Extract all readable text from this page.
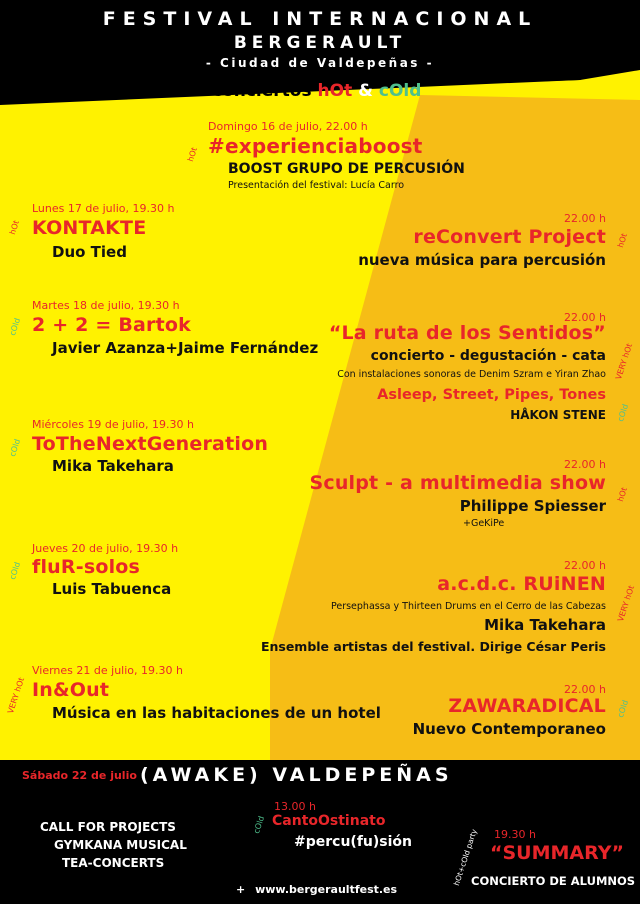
FESTIVAL INTERNACIONAL
BERGERAULT
- Ciudad de Valdepeñas -
conciertos hOt & cOld
hOt
Domingo 16 de julio, 22.00 h
#experienciaboost
BOOST GRUPO DE PERCUSIÓN
Presentación del festival: Lucía Carro
hOt
Lunes 17 de julio, 19.30 h
KONTAKTE
Duo Tied
cOld
Martes 18 de julio, 19.30 h
2 + 2 = Bartok
Javier Azanza+Jaime Fernández
cOld
Miércoles 19 de julio, 19.30 h
ToTheNextGeneration
Mika Takehara
cOld
Jueves 20 de julio, 19.30 h
fluR-solos
Luis Tabuenca
VERY hOt
Viernes 21 de julio, 19.30 h
In&Out
Música en las habitaciones de un hotel
hOt
22.00 h
reConvert Project
nueva música para percusión
VERY hOt
22.00 h
“La ruta de los Sentidos”
concierto - degustación - cata
Con instalaciones sonoras de Denim Szram e Yiran Zhao
cOld
Asleep, Street, Pipes, Tones
HÅKON STENE
hOt
22.00 h
Sculpt - a multimedia show
Philippe Spiesser
+GeKiPe
VERY hOt
22.00 h
a.c.d.c. RUiNEN
Persephassa y Thirteen Drums en el Cerro de las Cabezas
Mika Takehara
Ensemble artistas del festival. Dirige César Peris
cOld
22.00 h
ZAWARADICAL
Nuevo Contemporaneo
Sábado 22 de julio (AWAKE) VALDEPEÑAS
CALL FOR PROJECTS
GYMKANA MUSICAL
TEA-CONCERTS
cOld
13.00 h
CantoOstinato
#percu(fu)sión	hOt+cOld party 19.30 h
“SUMMARY”
CONCIERTO DE ALUMNOS
+ www.bergeraultfest.es
